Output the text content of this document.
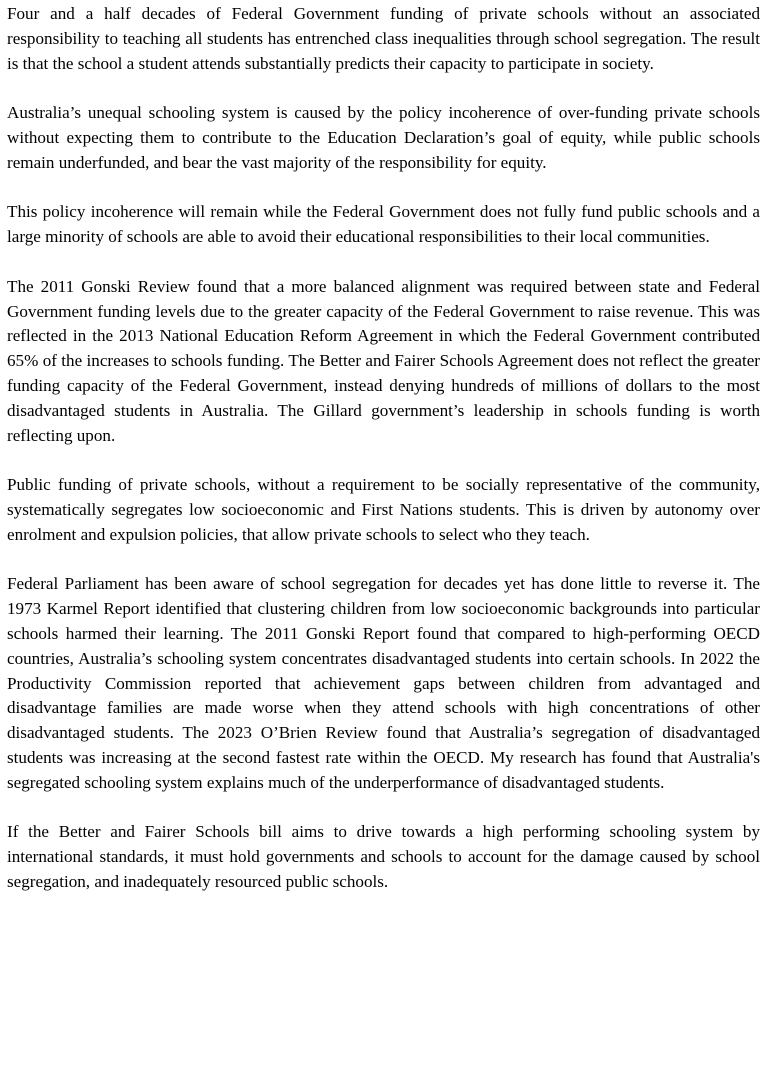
Four and a half decades of Federal Government funding of private schools without an associated responsibility to teaching all students has entrenched class inequalities through school segregation. The result is that the school a student attends substantially predicts their capacity to participate in society.

Australia’s unequal schooling system is caused by the policy incoherence of over-funding private schools without expecting them to contribute to the Education Declaration’s goal of equity, while public schools remain underfunded, and bear the vast majority of the responsibility for equity.

This policy incoherence will remain while the Federal Government does not fully fund public schools and a large minority of schools are able to avoid their educational responsibilities to their local communities.

The 2011 Gonski Review found that a more balanced alignment was required between state and Federal Government funding levels due to the greater capacity of the Federal Government to raise revenue. This was reflected in the 2013 National Education Reform Agreement in which the Federal Government contributed 65% of the increases to schools funding. The Better and Fairer Schools Agreement does not reflect the greater funding capacity of the Federal Government, instead denying hundreds of millions of dollars to the most disadvantaged students in Australia. The Gillard government’s leadership in schools funding is worth reflecting upon.

Public funding of private schools, without a requirement to be socially representative of the community, systematically segregates low socioeconomic and First Nations students. This is driven by autonomy over enrolment and expulsion policies, that allow private schools to select who they teach.

Federal Parliament has been aware of school segregation for decades yet has done little to reverse it. The 1973 Karmel Report identified that clustering children from low socioeconomic backgrounds into particular schools harmed their learning. The 2011 Gonski Report found that compared to high-performing OECD countries, Australia’s schooling system concentrates disadvantaged students into certain schools. In 2022 the Productivity Commission reported that achievement gaps between children from advantaged and disadvantage families are made worse when they attend schools with high concentrations of other disadvantaged students. The 2023 O’Brien Review found that Australia’s segregation of disadvantaged students was increasing at the second fastest rate within the OECD. My research has found that Australia's segregated schooling system explains much of the underperformance of disadvantaged students.

If the Better and Fairer Schools bill aims to drive towards a high performing schooling system by international standards, it must hold governments and schools to account for the damage caused by school segregation, and inadequately resourced public schools.
